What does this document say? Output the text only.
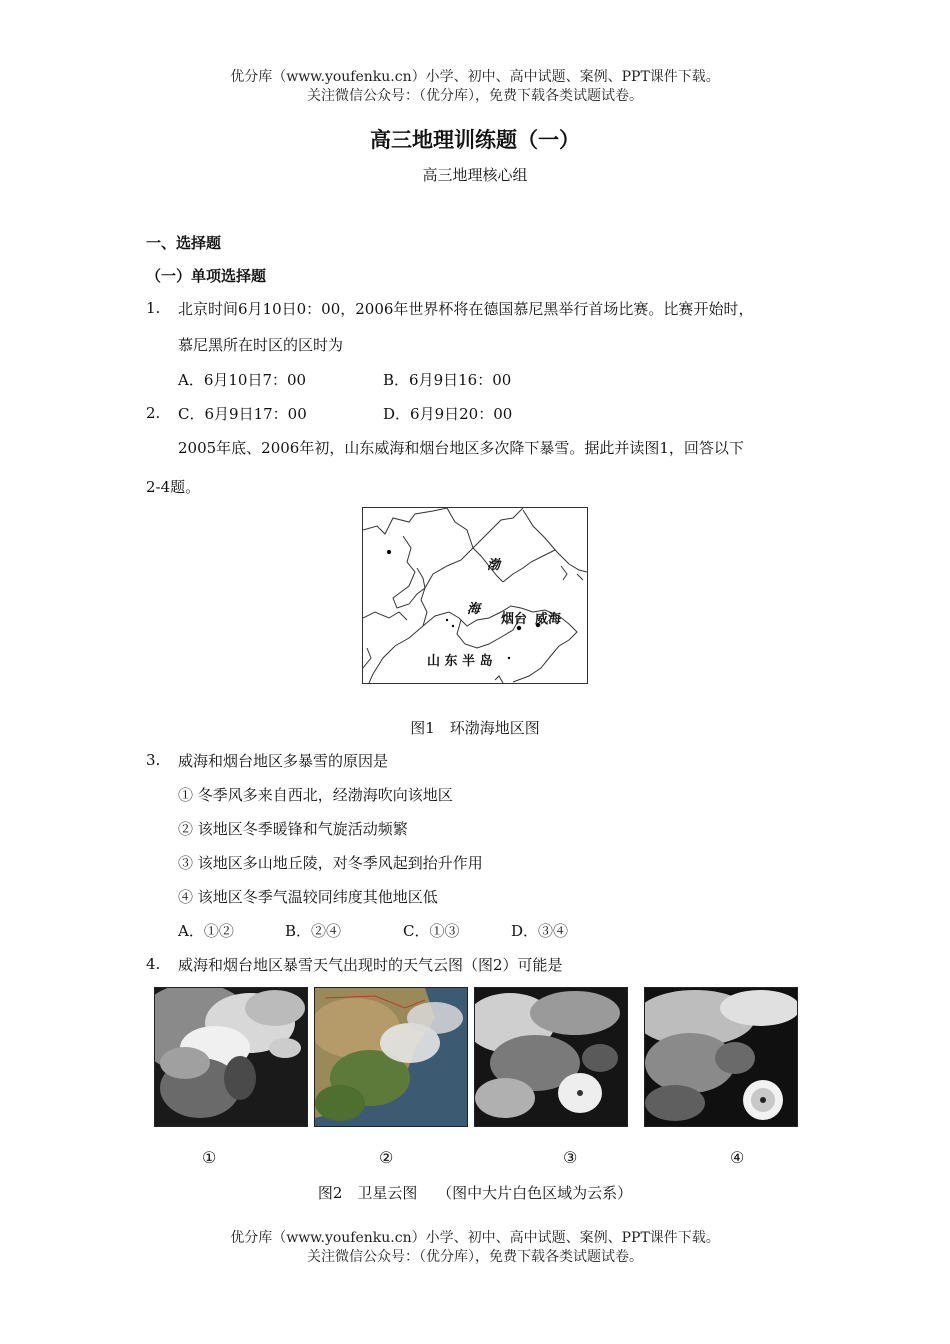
优分库（www.youfenku.cn）小学、初中、高中试题、案例、PPT课件下载。
关注微信公众号：（优分库），免费下载各类试题试卷。
高三地理训练题（一）
高三地理核心组
一、选择题
（一）单项选择题
1. 北京时间6月10日0：00，2006年世界杯将在德国慕尼黑举行首场比赛。比赛开始时，
慕尼黑所在时区的区时为
A．6月10日7：00	B．6月9日16：00
2. C．6月9日17：00	D．6月9日20：00
2005年底、2006年初，山东威海和烟台地区多次降下暴雪。据此并读图1，回答以下
2-4题。
渤
海
烟台 威海
山 东 半 岛
图1　环渤海地区图
3. 威海和烟台地区多暴雪的原因是
① 冬季风多来自西北，经渤海吹向该地区
② 该地区冬季暖锋和气旋活动频繁
③ 该地区多山地丘陵，对冬季风起到抬升作用
④ 该地区冬季气温较同纬度其他地区低
A．①②	B．②④	C．①③	D．③④
4. 威海和烟台地区暴雪天气出现时的天气云图（图2）可能是
①	②	③	④
图2　卫星云图　 （图中大片白色区域为云系）
优分库（www.youfenku.cn）小学、初中、高中试题、案例、PPT课件下载。
关注微信公众号：（优分库），免费下载各类试题试卷。
